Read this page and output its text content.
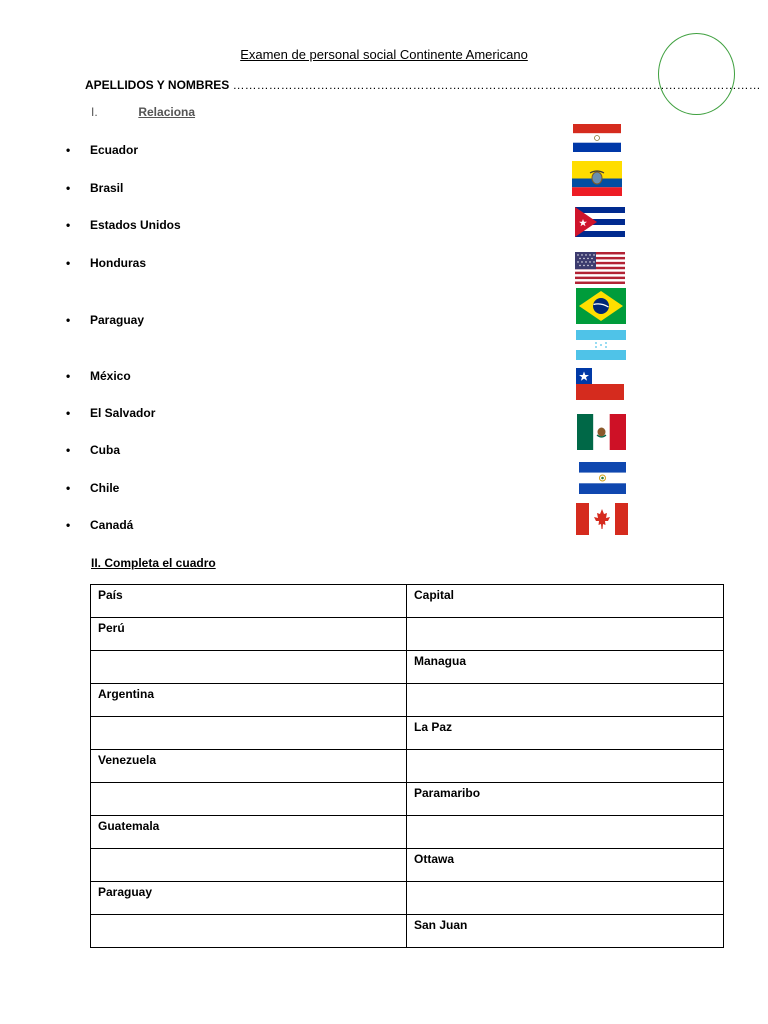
Examen de personal social Continente Americano
APELLIDOS Y NOMBRES ……………………………………………………………………………………………………………………
I.	Relaciona
• Ecuador
• Brasil
• Estados Unidos
• Honduras
• Paraguay
• México
• El Salvador
• Cuba
• Chile
• Canadá
II. Completa el cuadro
País	Capital
Perú	
	Managua
Argentina	
	La Paz
Venezuela	
	Paramaribo
Guatemala	
	Ottawa
Paraguay	
	San Juan
